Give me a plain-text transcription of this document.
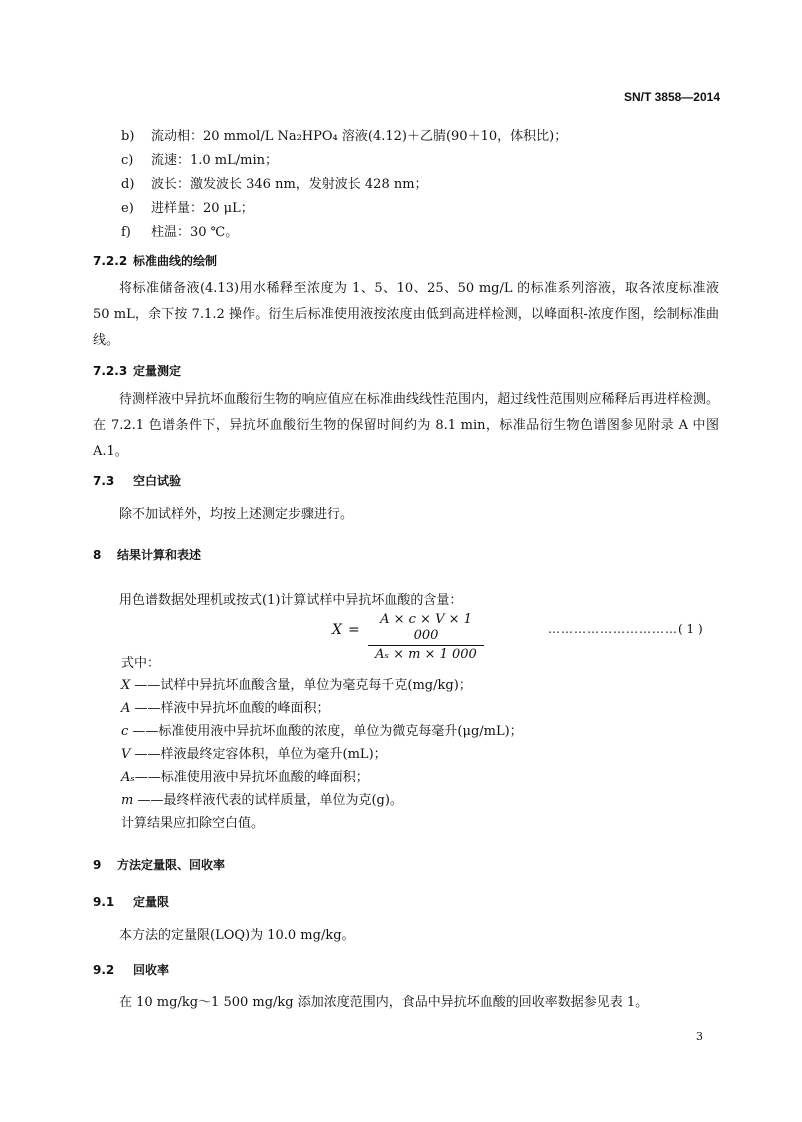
SN/T 3858—2014
b) 流动相：20 mmol/L Na₂HPO₄ 溶液(4.12)＋乙腈(90＋10，体积比)；
c) 流速：1.0 mL/min；
d) 波长：激发波长 346 nm，发射波长 428 nm；
e) 进样量：20 μL；
f) 柱温：30 ℃。
7.2.2 标准曲线的绘制
将标准储备液(4.13)用水稀释至浓度为 1、5、10、25、50 mg/L 的标准系列溶液，取各浓度标准液 50 mL，余下按 7.1.2 操作。衍生后标准使用液按浓度由低到高进样检测，以峰面积-浓度作图，绘制标准曲线。
7.2.3 定量测定
待测样液中异抗坏血酸衍生物的响应值应在标准曲线线性范围内，超过线性范围则应稀释后再进样检测。在 7.2.1 色谱条件下，异抗坏血酸衍生物的保留时间约为 8.1 min，标准品衍生物色谱图参见附录 A 中图 A.1。
7.3 空白试验
除不加试样外，均按上述测定步骤进行。
8 结果计算和表述
用色谱数据处理机或按式(1)计算试样中异抗坏血酸的含量：
$X = \frac{A \times c \times V \times 1 000}{\text{Aₛ × m × 1 000}}$	…………………………( 1 )
式中：
X ——试样中异抗坏血酸含量，单位为毫克每千克(mg/kg)；
A ——样液中异抗坏血酸的峰面积；
c ——标准使用液中异抗坏血酸的浓度，单位为微克每毫升(μg/mL)；
V ——样液最终定容体积，单位为毫升(mL)；
Aₛ——标准使用液中异抗坏血酸的峰面积；
m ——最终样液代表的试样质量，单位为克(g)。
计算结果应扣除空白值。
9 方法定量限、回收率
9.1 定量限
本方法的定量限(LOQ)为 10.0 mg/kg。
9.2 回收率
在 10 mg/kg～1 500 mg/kg 添加浓度范围内，食品中异抗坏血酸的回收率数据参见表 1。
3
